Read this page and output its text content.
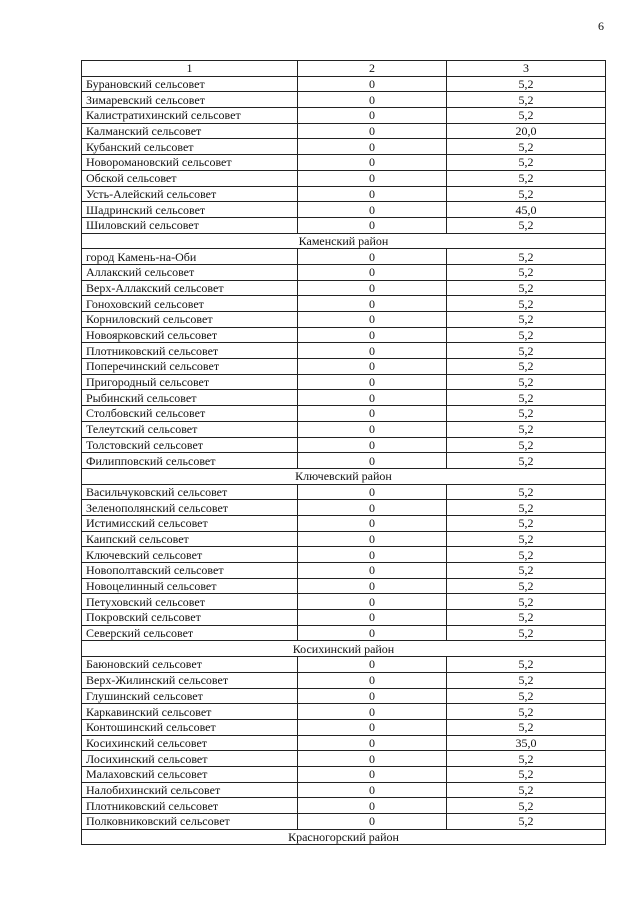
6
1	2	3
Бурановский сельсовет	0	5,2
Зимаревский сельсовет	0	5,2
Калистратихинский сельсовет	0	5,2
Калманский сельсовет	0	20,0
Кубанский сельсовет	0	5,2
Новоромановский сельсовет	0	5,2
Обской сельсовет	0	5,2
Усть-Алейский сельсовет	0	5,2
Шадринский сельсовет	0	45,0
Шиловский сельсовет	0	5,2
Каменский район		
город Камень-на-Оби	0	5,2
Аллакский сельсовет	0	5,2
Верх-Аллакский сельсовет	0	5,2
Гоноховский сельсовет	0	5,2
Корниловский сельсовет	0	5,2
Новоярковский сельсовет	0	5,2
Плотниковский сельсовет	0	5,2
Поперечинский сельсовет	0	5,2
Пригородный сельсовет	0	5,2
Рыбинский сельсовет	0	5,2
Столбовский сельсовет	0	5,2
Телеутский сельсовет	0	5,2
Толстовский сельсовет	0	5,2
Филипповский сельсовет	0	5,2
Ключевский район		
Васильчуковский сельсовет	0	5,2
Зеленополянский сельсовет	0	5,2
Истимисский сельсовет	0	5,2
Каипский сельсовет	0	5,2
Ключевский сельсовет	0	5,2
Новополтавский сельсовет	0	5,2
Новоцелинный сельсовет	0	5,2
Петуховский сельсовет	0	5,2
Покровский сельсовет	0	5,2
Северский сельсовет	0	5,2
Косихинский район		
Баюновский сельсовет	0	5,2
Верх-Жилинский сельсовет	0	5,2
Глушинский сельсовет	0	5,2
Каркавинский сельсовет	0	5,2
Контошинский сельсовет	0	5,2
Косихинский сельсовет	0	35,0
Лосихинский сельсовет	0	5,2
Малаховский сельсовет	0	5,2
Налобихинский сельсовет	0	5,2
Плотниковский сельсовет	0	5,2
Полковниковский сельсовет	0	5,2
Красногорский район		
